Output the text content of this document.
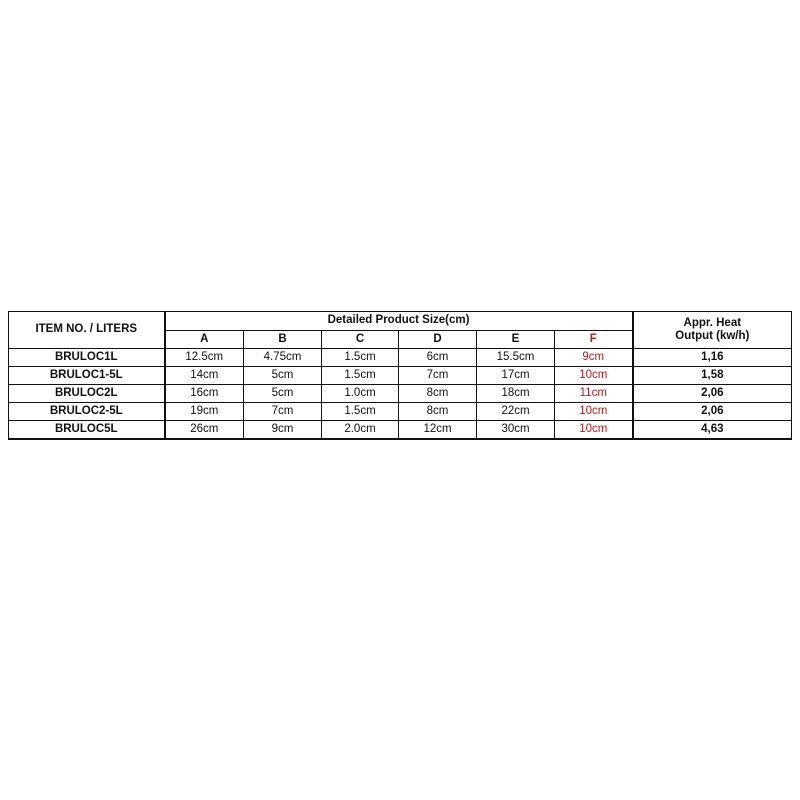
ITEM NO. / LITERS	Detailed Product Size(cm)						Appr. Heat
Output (kw/h)
	A	B	C	D	E	F	
BRULOC1L	12.5cm	4.75cm	1.5cm	6cm	15.5cm	9cm	1,16
BRULOC1-5L	14cm	5cm	1.5cm	7cm	17cm	10cm	1,58
BRULOC2L	16cm	5cm	1.0cm	8cm	18cm	11cm	2,06
BRULOC2-5L	19cm	7cm	1.5cm	8cm	22cm	10cm	2,06
BRULOC5L	26cm	9cm	2.0cm	12cm	30cm	10cm	4,63
